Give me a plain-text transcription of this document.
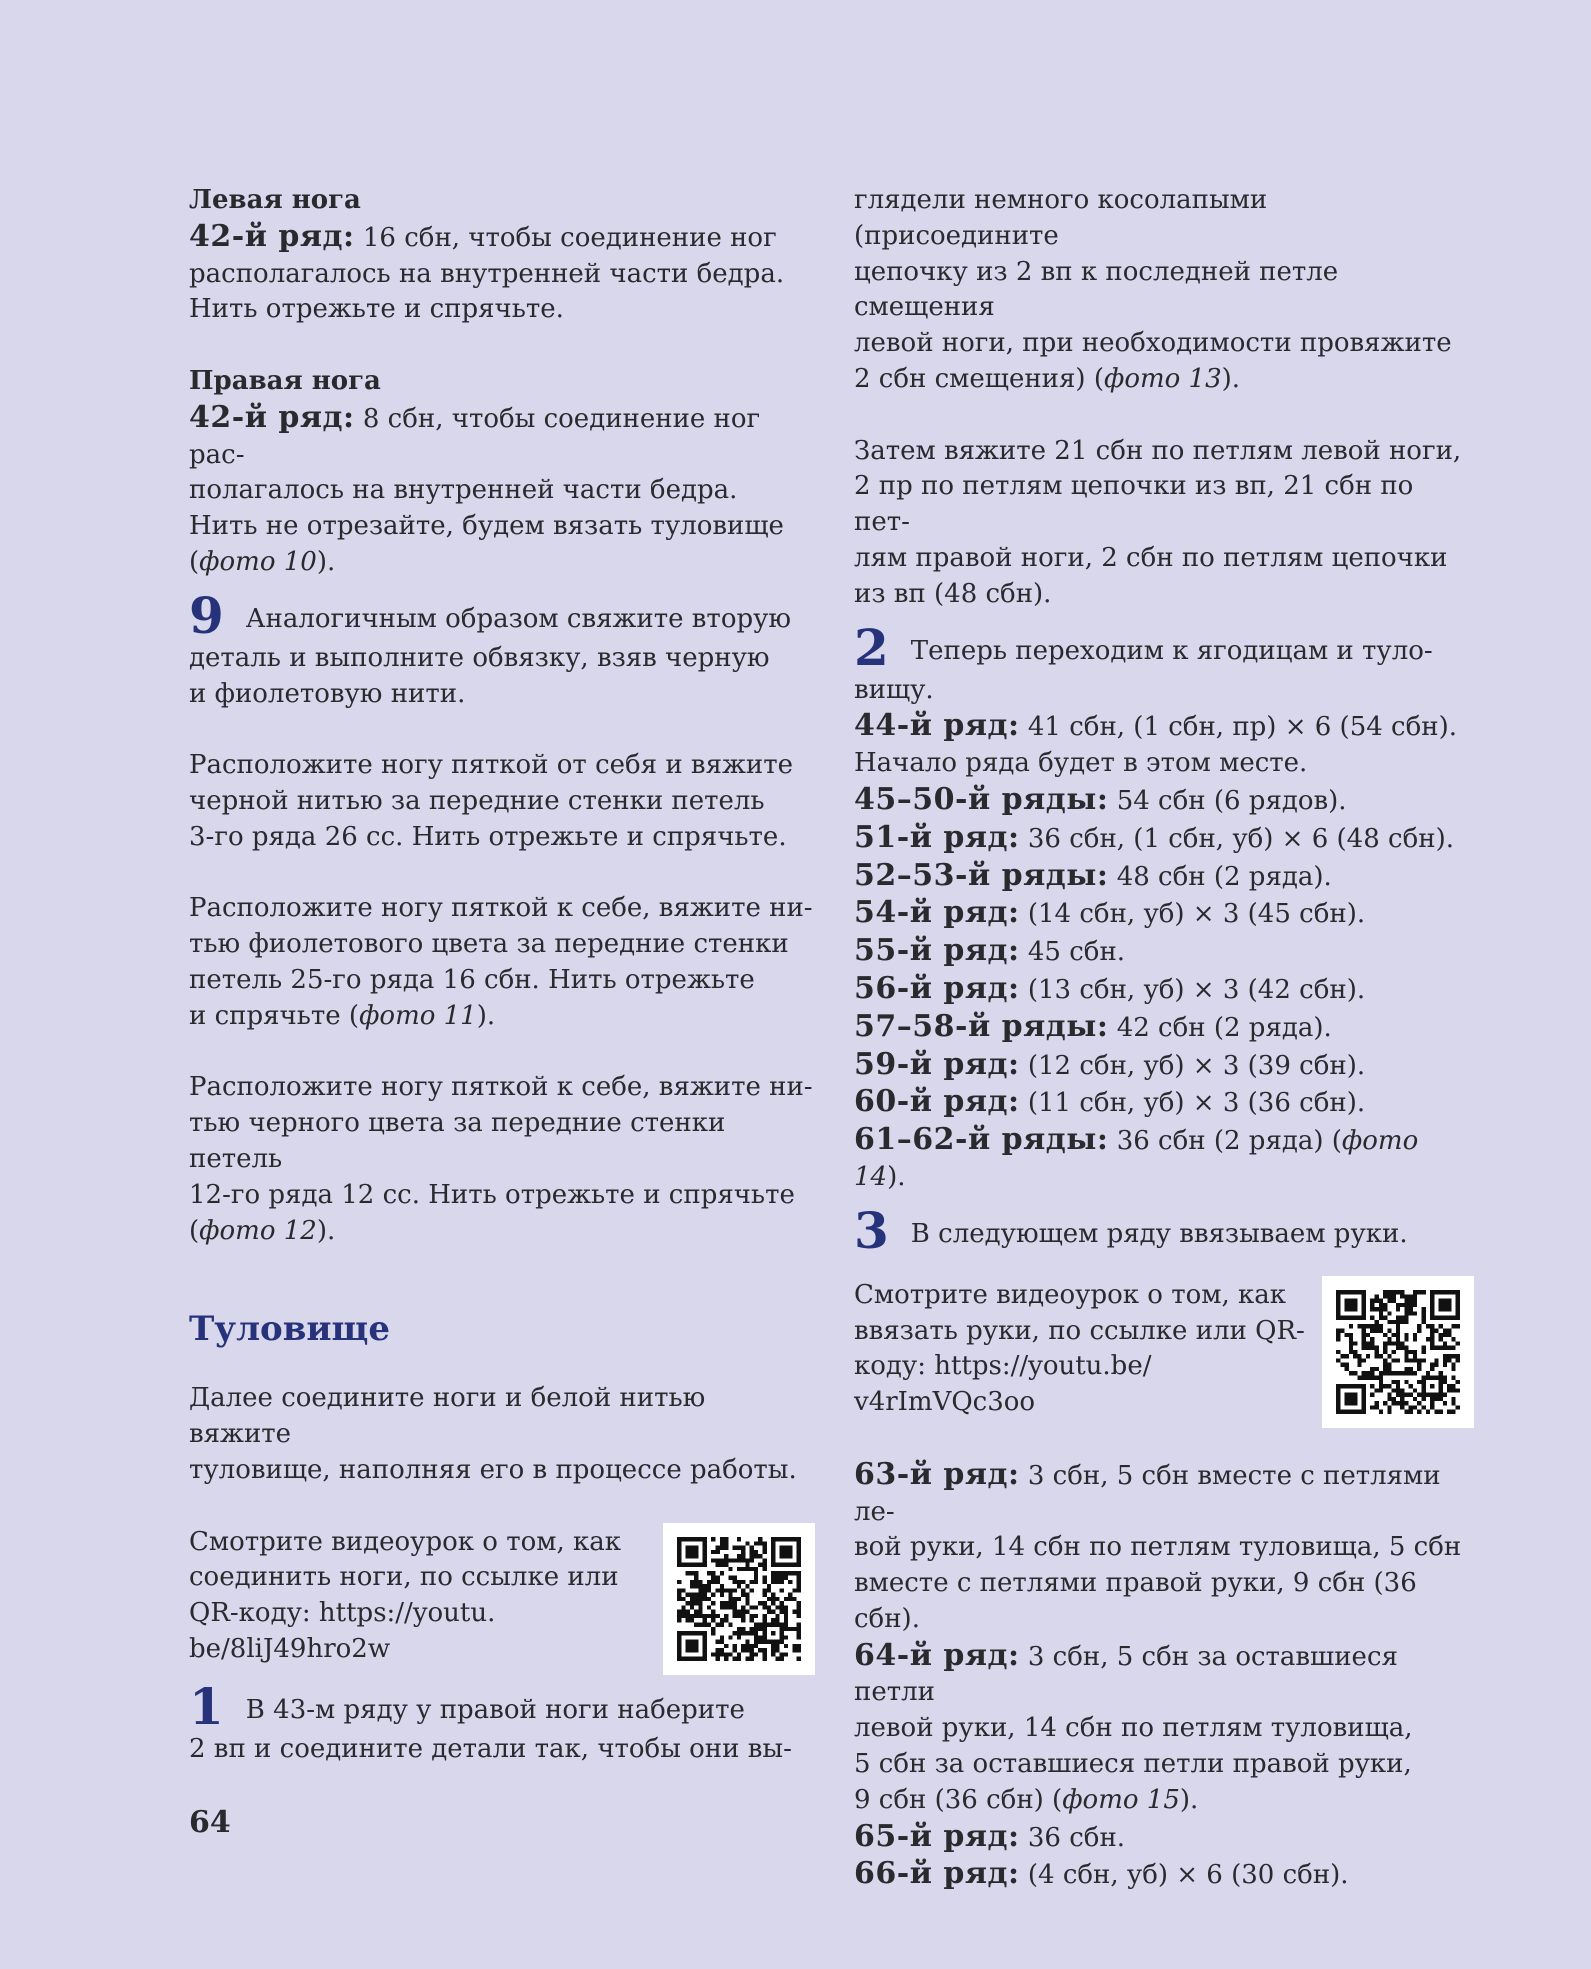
Левая нога

42-й ряд: 16 сбн, чтобы соединение ног

располагалось на внутренней части бедра.

Нить отрежьте и спрячьте.

Правая нога

42-й ряд: 8 сбн, чтобы соединение ног рас-

полагалось на внутренней части бедра.

Нить не отрезайте, будем вязать туловище

(фото 10).

9 Аналогичным образом свяжите вторую

деталь и выполните обвязку, взяв черную

и фиолетовую нити.

Расположите ногу пяткой от себя и вяжите

черной нитью за передние стенки петель

3-го ряда 26 сс. Нить отрежьте и спрячьте.

Расположите ногу пяткой к себе, вяжите ни-

тью фиолетового цвета за передние стенки

петель 25-го ряда 16 сбн. Нить отрежьте

и спрячьте (фото 11).

Расположите ногу пяткой к себе, вяжите ни-

тью черного цвета за передние стенки петель

12-го ряда 12 сс. Нить отрежьте и спрячьте

(фото 12).

Туловище

Далее соедините ноги и белой нитью вяжите

туловище, наполняя его в процессе работы.

Смотрите видеоурок о том, как

соединить ноги, по ссылке или

QR-коду: https://youtu.

be/8liJ49hro2w

1 В 43-м ряду у правой ноги наберите

2 вп и соедините детали так, чтобы они вы-

глядели немного косолапыми (присоедините

цепочку из 2 вп к последней петле смещения

левой ноги, при необходимости провяжите

2 сбн смещения) (фото 13).

Затем вяжите 21 сбн по петлям левой ноги,

2 пр по петлям цепочки из вп, 21 сбн по пет-

лям правой ноги, 2 сбн по петлям цепочки

из вп (48 сбн).

2 Теперь переходим к ягодицам и туло-

вищу.

44-й ряд: 41 сбн, (1 сбн, пр) × 6 (54 сбн).

Начало ряда будет в этом месте.

45–50-й ряды: 54 сбн (6 рядов).

51-й ряд: 36 сбн, (1 сбн, уб) × 6 (48 сбн).

52–53-й ряды: 48 сбн (2 ряда).

54-й ряд: (14 сбн, уб) × 3 (45 сбн).

55-й ряд: 45 сбн.

56-й ряд: (13 сбн, уб) × 3 (42 сбн).

57–58-й ряды: 42 сбн (2 ряда).

59-й ряд: (12 сбн, уб) × 3 (39 сбн).

60-й ряд: (11 сбн, уб) × 3 (36 сбн).

61–62-й ряды: 36 сбн (2 ряда) (фото 14).

3 В следующем ряду ввязываем руки.

Смотрите видеоурок о том, как

ввязать руки, по ссылке или QR-

коду: https://youtu.be/

v4rImVQc3oo

63-й ряд: 3 сбн, 5 сбн вместе с петлями ле-

вой руки, 14 сбн по петлям туловища, 5 сбн

вместе с петлями правой руки, 9 сбн (36 сбн).

64-й ряд: 3 сбн, 5 сбн за оставшиеся петли

левой руки, 14 сбн по петлям туловища,

5 сбн за оставшиеся петли правой руки,

9 сбн (36 сбн) (фото 15).

65-й ряд: 36 сбн.

66-й ряд: (4 сбн, уб) × 6 (30 сбн).

64
